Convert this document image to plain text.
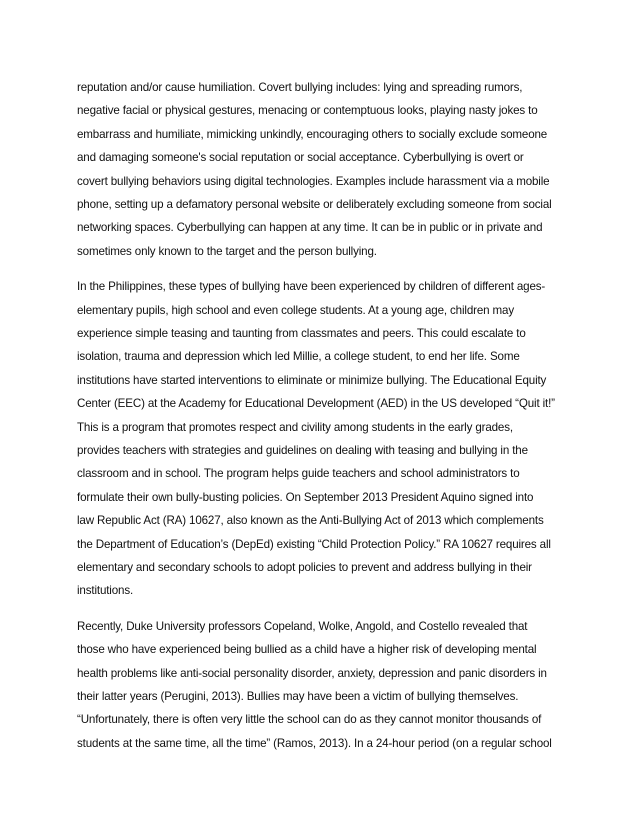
reputation and/or cause humiliation. Covert bullying includes: lying and spreading rumors,
negative facial or physical gestures, menacing or contemptuous looks, playing nasty jokes to
embarrass and humiliate, mimicking unkindly, encouraging others to socially exclude someone
and damaging someone's social reputation or social acceptance. Cyberbullying is overt or
covert bullying behaviors using digital technologies. Examples include harassment via a mobile
phone, setting up a defamatory personal website or deliberately excluding someone from social
networking spaces. Cyberbullying can happen at any time. It can be in public or in private and
sometimes only known to the target and the person bullying.
In the Philippines, these types of bullying have been experienced by children of different ages-
elementary pupils, high school and even college students. At a young age, children may
experience simple teasing and taunting from classmates and peers. This could escalate to
isolation, trauma and depression which led Millie, a college student, to end her life. Some
institutions have started interventions to eliminate or minimize bullying. The Educational Equity
Center (EEC) at the Academy for Educational Development (AED) in the US developed “Quit it!”
This is a program that promotes respect and civility among students in the early grades,
provides teachers with strategies and guidelines on dealing with teasing and bullying in the
classroom and in school. The program helps guide teachers and school administrators to
formulate their own bully-busting policies. On September 2013 President Aquino signed into
law Republic Act (RA) 10627, also known as the Anti-Bullying Act of 2013 which complements
the Department of Education’s (DepEd) existing “Child Protection Policy.” RA 10627 requires all
elementary and secondary schools to adopt policies to prevent and address bullying in their
institutions.
Recently, Duke University professors Copeland, Wolke, Angold, and Costello revealed that
those who have experienced being bullied as a child have a higher risk of developing mental
health problems like anti-social personality disorder, anxiety, depression and panic disorders in
their latter years (Perugini, 2013). Bullies may have been a victim of bullying themselves.
“Unfortunately, there is often very little the school can do as they cannot monitor thousands of
students at the same time, all the time” (Ramos, 2013). In a 24-hour period (on a regular school
